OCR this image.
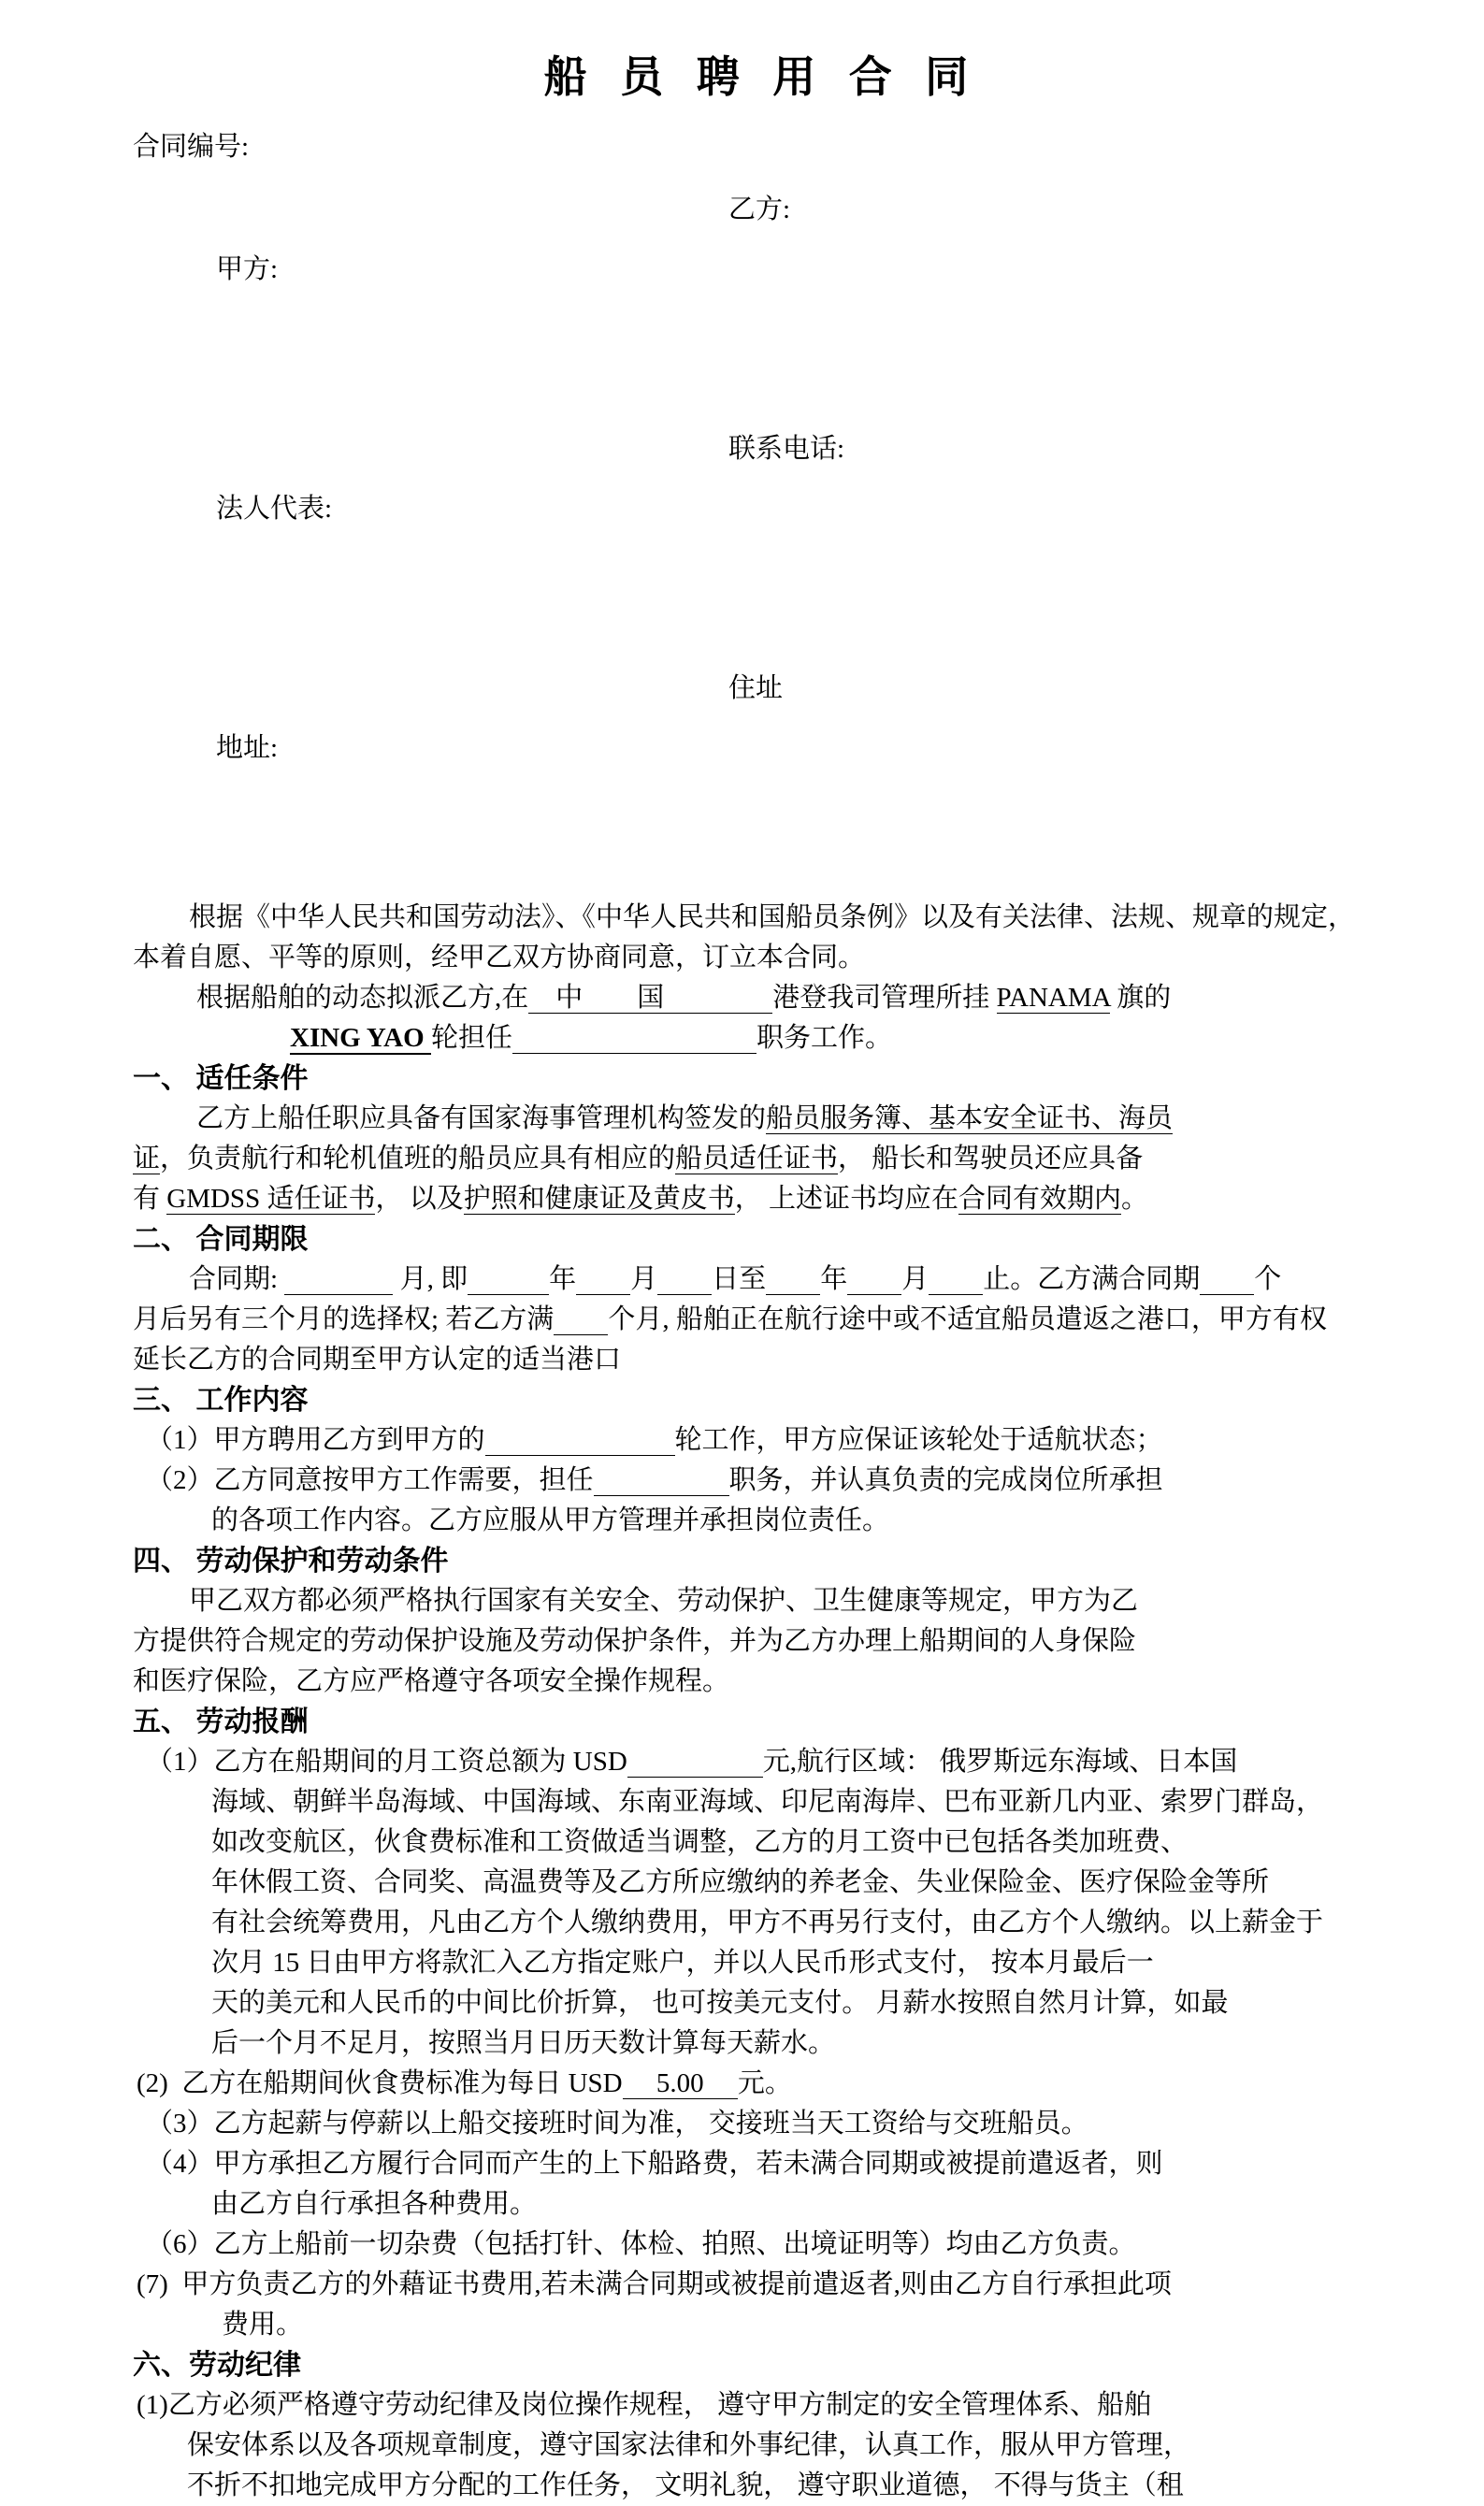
船 员 聘 用 合 同
合同编号:

甲方:

乙方:

法人代表:

联系电话:

地址:

住址

根据《中华人民共和国劳动法》、《中华人民共和国船员条例》以及有关法律、法规、规章的规定，
本着自愿、平等的原则，经甲乙双方协商同意，订立本合同。
根据船舶的动态拟派乙方,在　中　　国　　　　港登我司管理所挂 PANAMA 旗的
XING YAO 轮担任　　　　　　　　　	职务工作。
一、 适任条件
乙方上船任职应具备有国家海事管理机构签发的船员服务簿、基本安全证书、海员
证，负责航行和轮机值班的船员应具有相应的船员适任证书， 船长和驾驶员还应具备
有 GMDSS 适任证书， 以及护照和健康证及黄皮书， 上述证书均应在合同有效期内。
二、 合同期限
合同期: 　　　　	月, 即　　　	年　　 月　　 日至　　 年　　 月　　 止。乙方满合同期　　 个
月后另有三个月的选择权; 若乙方满　　 个月, 船舶正在航行途中或不适宜船员遣返之港口，甲方有权
延长乙方的合同期至甲方认定的适当港口
三、 工作内容
（1）甲方聘用乙方到甲方的　　　　　　　	轮工作，甲方应保证该轮处于适航状态；
（2）乙方同意按甲方工作需要，担任　　　　　	职务，并认真负责的完成岗位所承担
的各项工作内容。乙方应服从甲方管理并承担岗位责任。
四、 劳动保护和劳动条件
甲乙双方都必须严格执行国家有关安全、劳动保护、卫生健康等规定，甲方为乙
方提供符合规定的劳动保护设施及劳动保护条件，并为乙方办理上船期间的人身保险
和医疗保险，乙方应严格遵守各项安全操作规程。
五、 劳动报酬
（1）乙方在船期间的月工资总额为 USD　　　　　	元,航行区域： 俄罗斯远东海域、日本国
海域、朝鲜半岛海域、中国海域、东南亚海域、印尼南海岸、巴布亚新几内亚、索罗门群岛，
如改变航区，伙食费标准和工资做适当调整，乙方的月工资中已包括各类加班费、
年休假工资、合同奖、高温费等及乙方所应缴纳的养老金、失业保险金、医疗保险金等所
有社会统筹费用，凡由乙方个人缴纳费用，甲方不再另行支付，由乙方个人缴纳。以上薪金于
次月 15 日由甲方将款汇入乙方指定账户，并以人民币形式支付， 按本月最后一
天的美元和人民币的中间比价折算， 也可按美元支付。 月薪水按照自然月计算，如最
后一个月不足月，按照当月日历天数计算每天薪水。
(2)  乙方在船期间伙食费标准为每日 USD　 5.00 　元。
（3）乙方起薪与停薪以上船交接班时间为准， 交接班当天工资给与交班船员。
（4）甲方承担乙方履行合同而产生的上下船路费，若未满合同期或被提前遣返者，则
由乙方自行承担各种费用。
（6）乙方上船前一切杂费（包括打针、体检、拍照、出境证明等）均由乙方负责。
(7)  甲方负责乙方的外藉证书费用,若未满合同期或被提前遣返者,则由乙方自行承担此项
费用。
六、劳动纪律
(1)乙方必须严格遵守劳动纪律及岗位操作规程， 遵守甲方制定的安全管理体系、船舶
保安体系以及各项规章制度，遵守国家法律和外事纪律，认真工作，服从甲方管理，
不折不扣地完成甲方分配的工作任务， 文明礼貌， 遵守职业道德， 不得与货主（租
